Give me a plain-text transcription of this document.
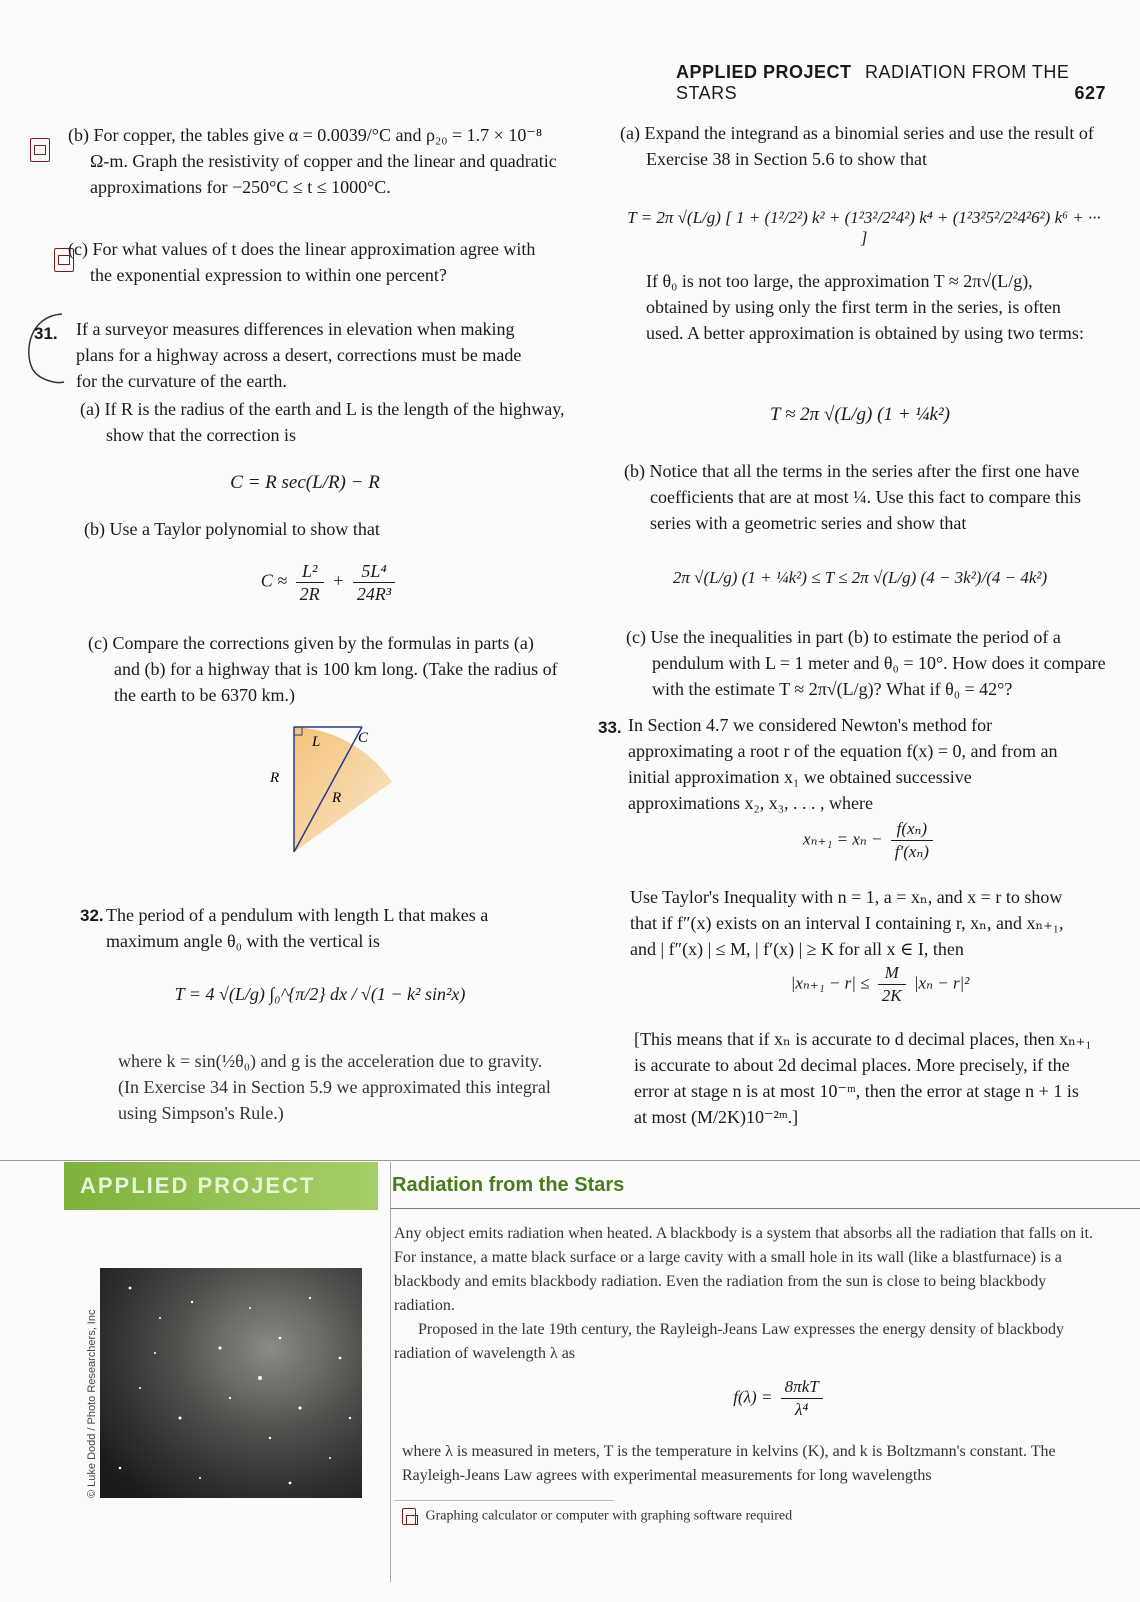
APPLIED PROJECT RADIATION FROM THE STARS	627

(b) For copper, the tables give α = 0.0039/°C and ρ₂₀ = 1.7 × 10⁻⁸ Ω-m. Graph the resistivity of copper and the linear and quadratic approximations for −250°C ≤ t ≤ 1000°C.

(c) For what values of t does the linear approximation agree with the exponential expression to within one percent?

31. If a surveyor measures differences in elevation when making plans for a highway across a desert, corrections must be made for the curvature of the earth.

(a) If R is the radius of the earth and L is the length of the highway, show that the correction is

C = R sec(L/R) − R

(b) Use a Taylor polynomial to show that

$C \approx \frac{\text{L²}}{2R} + \frac{\text{5L⁴}}{\text{24R³}}$

(c) Compare the corrections given by the formulas in parts (a) and (b) for a highway that is 100 km long. (Take the radius of the earth to be 6370 km.)

L	C
R
R
32. The period of a pendulum with length L that makes a maximum angle θ₀ with the vertical is

T = 4 √(L/g) ∫₀^{π/2} dx / √(1 − k² sin²x)

where k = sin(½θ₀) and g is the acceleration due to gravity. (In Exercise 34 in Section 5.9 we approximated this integral using Simpson's Rule.)

(a) Expand the integrand as a binomial series and use the result of Exercise 38 in Section 5.6 to show that

T = 2π √(L/g) [ 1 + (1²/2²) k² + (1²3²/2²4²) k⁴ + (1²3²5²/2²4²6²) k⁶ + ··· ]

If θ₀ is not too large, the approximation T ≈ 2π√(L/g), obtained by using only the first term in the series, is often used. A better approximation is obtained by using two terms:

T ≈ 2π √(L/g) (1 + ¼k²)

(b) Notice that all the terms in the series after the first one have coefficients that are at most ¼. Use this fact to compare this series with a geometric series and show that

2π √(L/g) (1 + ¼k²) ≤ T ≤ 2π √(L/g) (4 − 3k²)/(4 − 4k²)

(c) Use the inequalities in part (b) to estimate the period of a pendulum with L = 1 meter and θ₀ = 10°. How does it compare with the estimate T ≈ 2π√(L/g)? What if θ₀ = 42°?

33. In Section 4.7 we considered Newton's method for approximating a root r of the equation f(x) = 0, and from an initial approximation x₁ we obtained successive approximations x₂, x₃, . . . , where

$x_{n+1} = x_n - \frac{\text{f(xₙ)}}{\text{f′(xₙ)}}$

Use Taylor's Inequality with n = 1, a = xₙ, and x = r to show that if f″(x) exists on an interval I containing r, xₙ, and xₙ₊₁, and | f″(x) | ≤ M, | f′(x) | ≥ K for all x ∈ I, then

$|x_{n+1} - r| \le \frac{M}{2K} |x_n - r|^2$

[This means that if xₙ is accurate to d decimal places, then xₙ₊₁ is accurate to about 2d decimal places. More precisely, if the error at stage n is at most 10⁻ᵐ, then the error at stage n + 1 is at most (M/2K)10⁻²ᵐ.]

APPLIED PROJECT	Radiation from the Stars
© Luke Dodd / Photo Researchers, Inc

Any object emits radiation when heated. A blackbody is a system that absorbs all the radiation that falls on it. For instance, a matte black surface or a large cavity with a small hole in its wall (like a blastfurnace) is a blackbody and emits blackbody radiation. Even the radiation from the sun is close to being blackbody radiation.

Proposed in the late 19th century, the Rayleigh-Jeans Law expresses the energy density of blackbody radiation of wavelength λ as

$f(\lambda) = \frac{\text{8πkT}}{\text{λ⁴}}$

where λ is measured in meters, T is the temperature in kelvins (K), and k is Boltzmann's constant. The Rayleigh-Jeans Law agrees with experimental measurements for long wavelengths

Graphing calculator or computer with graphing software required
